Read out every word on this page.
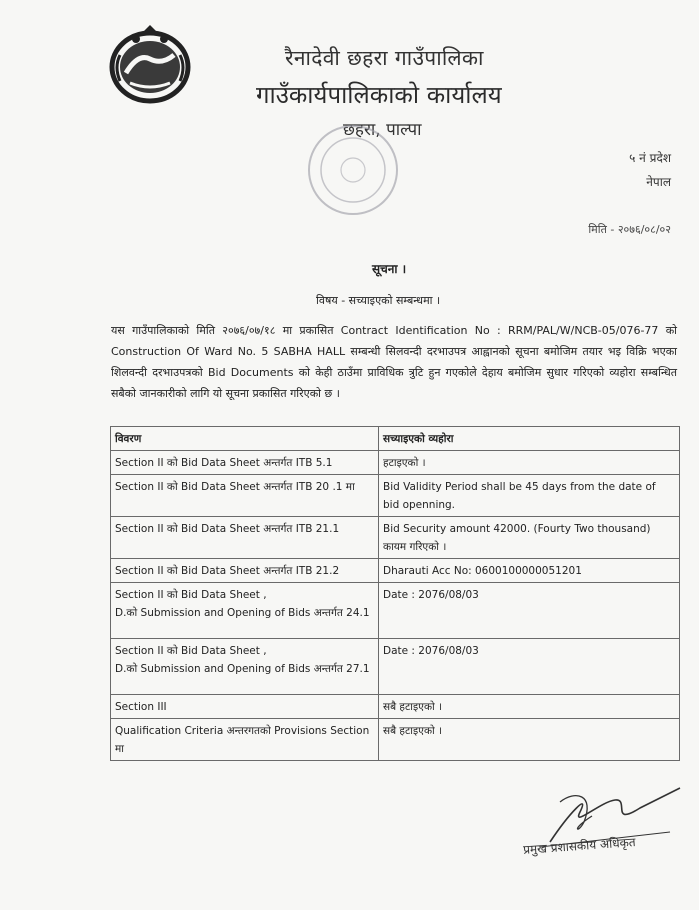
रैनादेवी छहरा गाउँपालिका
गाउँकार्यपालिकाको कार्यालय
छहरा, पाल्पा
५ नं प्रदेश
नेपाल
मिति - २०७६/०८/०२
सूचना ।
विषय - सच्याइएको सम्बन्धमा ।
यस गाउँपालिकाको मिति २०७६/०७/१८ मा प्रकासित Contract Identification No : RRM/PAL/W/NCB-05/076-77 को Construction Of Ward No. 5 SABHA HALL सम्बन्धी सिलवन्दी दरभाउपत्र आह्वानको सूचना बमोजिम तयार भइ विक्रि भएका शिलवन्दी दरभाउपत्रको Bid Documents को केही ठाउँमा प्राविधिक त्रुटि हुन गएकोले देहाय बमोजिम सुधार गरिएको व्यहोरा सम्बन्धित सबैको जानकारीको लागि यो सूचना प्रकासित गरिएको छ ।
विवरण	सच्याइएको व्यहोरा
Section II को Bid Data Sheet अन्तर्गत ITB 5.1	हटाइएको ।
Section II को Bid Data Sheet अन्तर्गत ITB 20 .1 मा	Bid Validity Period shall be 45 days from the date of bid openning.
Section II को Bid Data Sheet अन्तर्गत ITB 21.1	Bid Security amount 42000. (Fourty Two thousand) कायम गरिएको ।
Section II को Bid Data Sheet अन्तर्गत ITB 21.2	Dharauti Acc No: 0600100000051201
Section II को Bid Data Sheet ,
D.को Submission and Opening of Bids अन्तर्गत 24.1	Date : 2076/08/03
Section II को Bid Data Sheet ,
D.को Submission and Opening of Bids अन्तर्गत 27.1	Date : 2076/08/03
Section III	सबै हटाइएको ।
Qualification Criteria अन्तरगतको Provisions Section मा	सबै हटाइएको ।
प्रमुख प्रशासकीय अधिकृत
